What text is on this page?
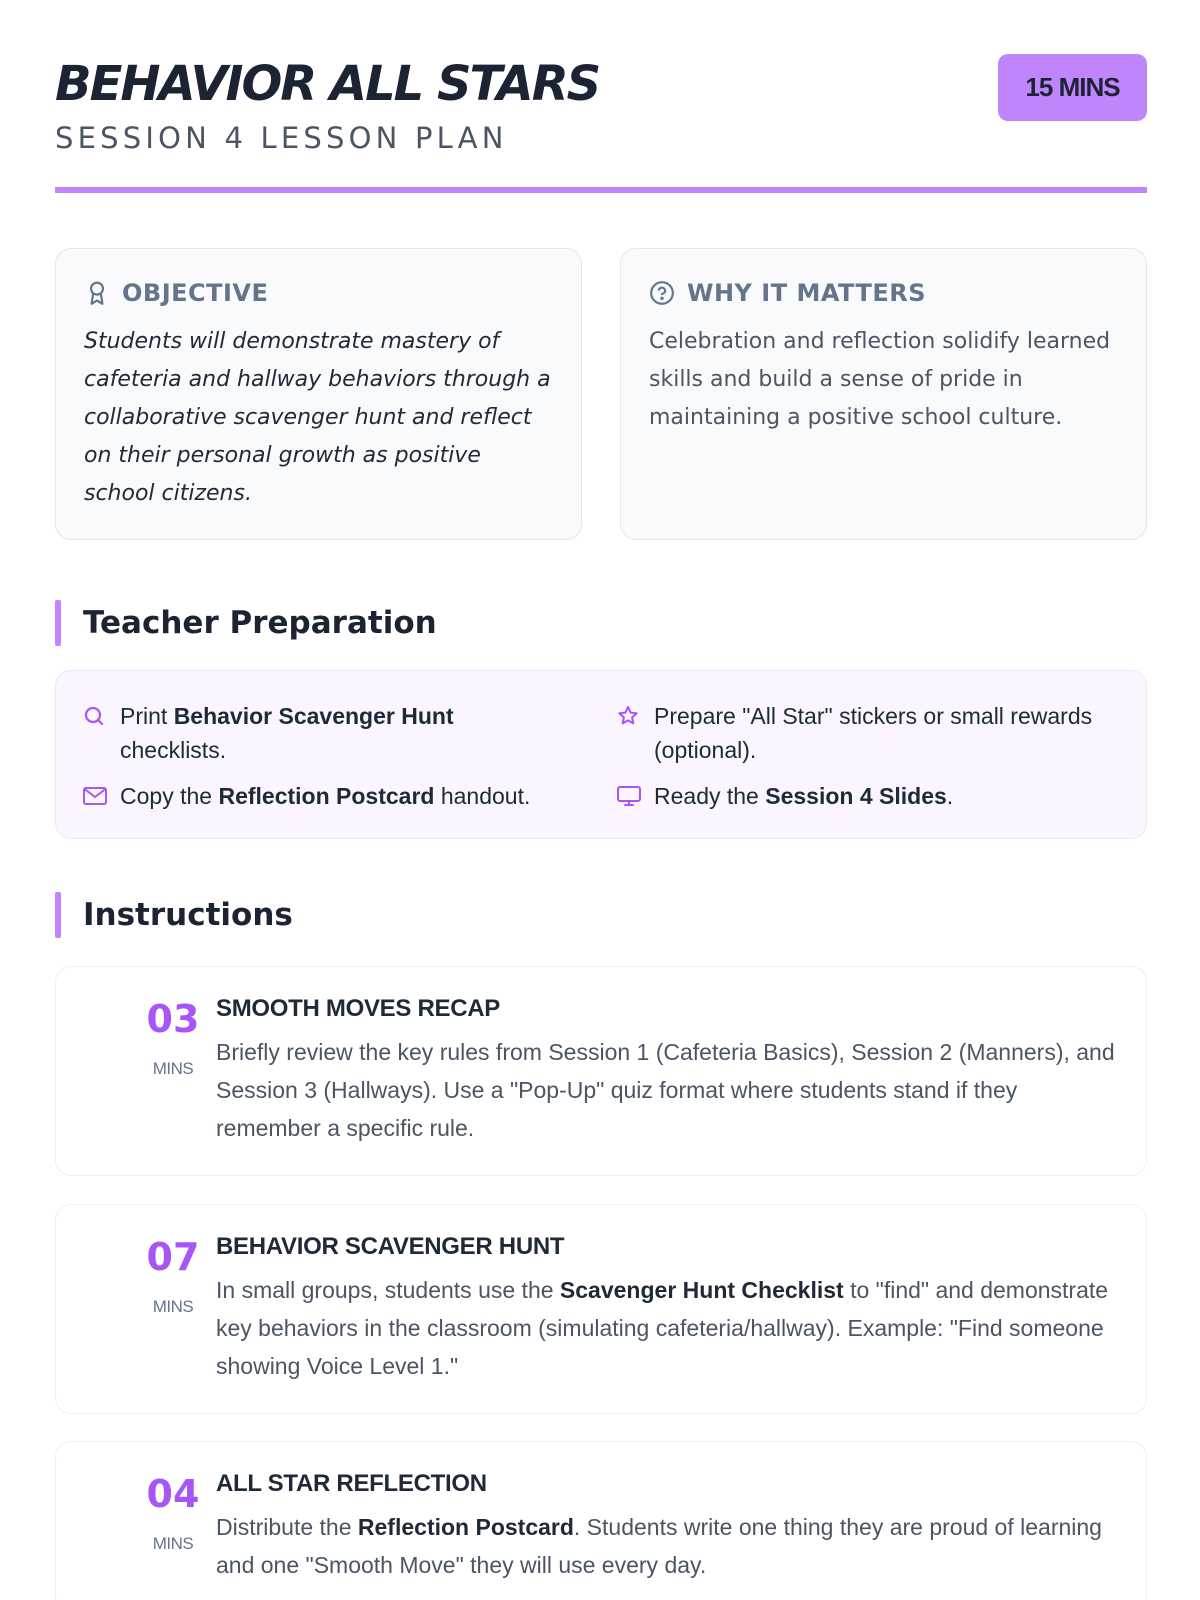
BEHAVIOR ALL STARS
SESSION 4 LESSON PLAN
15 MINS
OBJECTIVE

Students will demonstrate mastery of cafeteria and hallway behaviors through a collaborative scavenger hunt and reflect on their personal growth as positive school citizens.

WHY IT MATTERS

Celebration and reflection solidify learned skills and build a sense of pride in maintaining a positive school culture.

Teacher Preparation
Print Behavior Scavenger Hunt checklists.
Prepare "All Star" stickers or small rewards (optional).
Copy the Reflection Postcard handout.	Ready the Session 4 Slides.
Instructions
03
MINS
SMOOTH MOVES RECAP

Briefly review the key rules from Session 1 (Cafeteria Basics), Session 2 (Manners), and Session 3 (Hallways). Use a "Pop-Up" quiz format where students stand if they remember a specific rule.

07
MINS
BEHAVIOR SCAVENGER HUNT

In small groups, students use the Scavenger Hunt Checklist to "find" and demonstrate key behaviors in the classroom (simulating cafeteria/hallway). Example: "Find someone showing Voice Level 1."

04
MINS
ALL STAR REFLECTION

Distribute the Reflection Postcard. Students write one thing they are proud of learning and one "Smooth Move" they will use every day.
